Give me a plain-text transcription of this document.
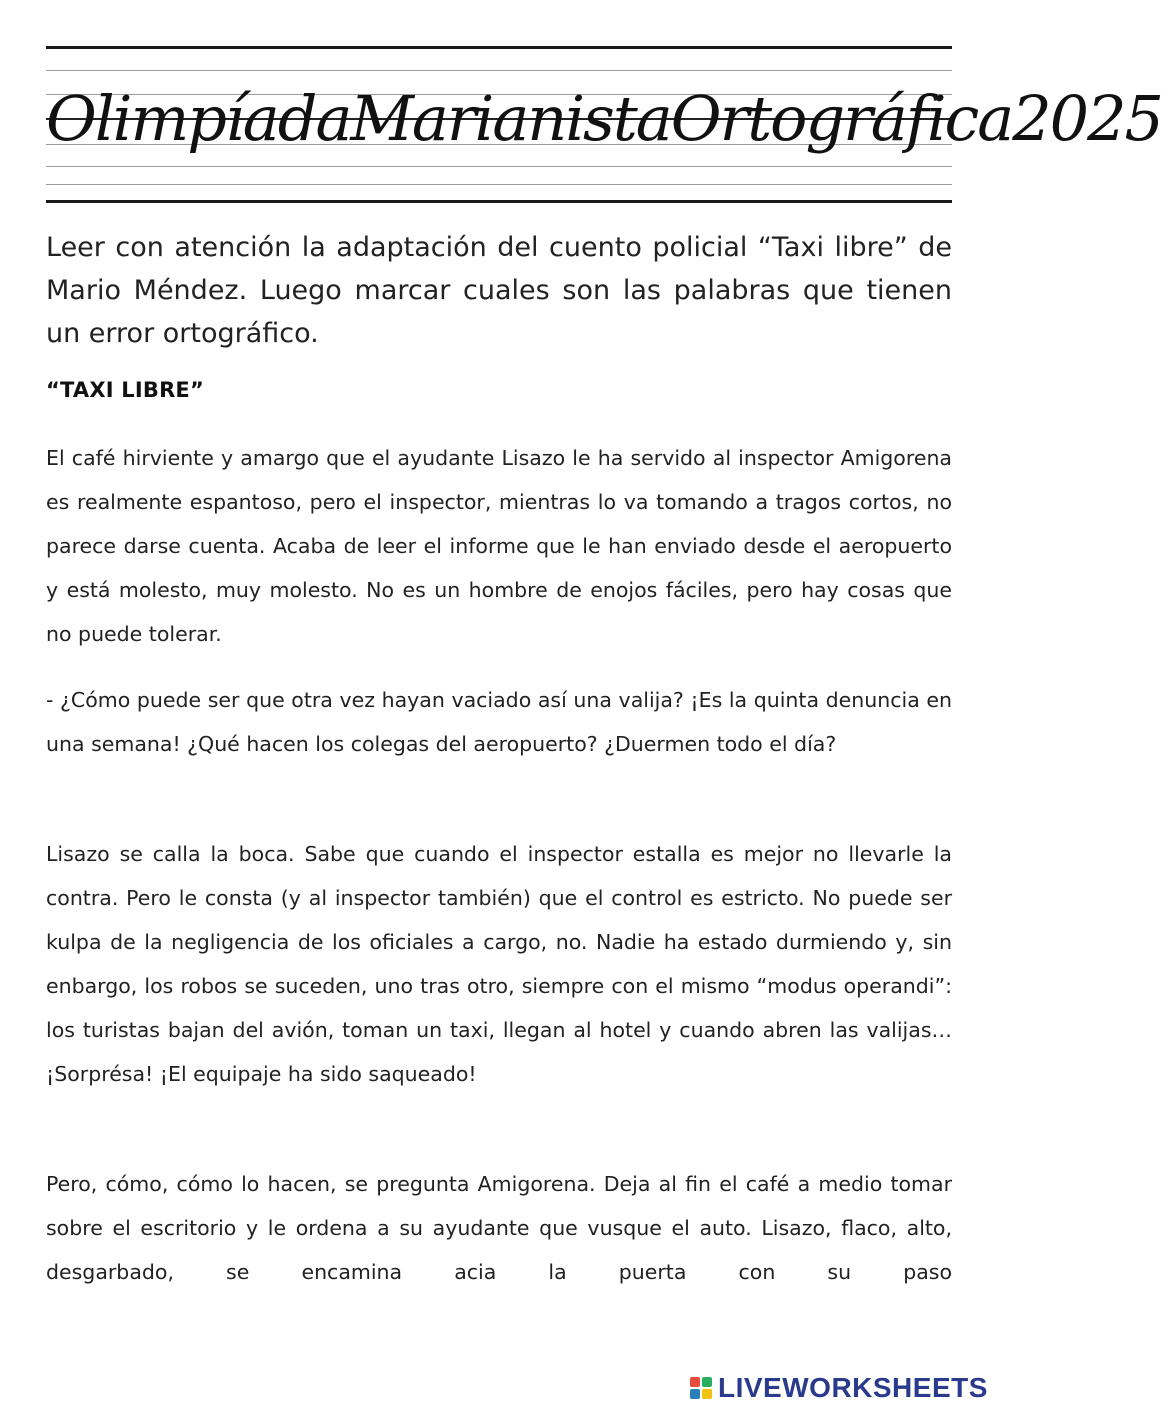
OlimpíadaMarianistaOrtográfica2025

Leer con atención la adaptación del cuento policial “Taxi libre” de Mario Méndez. Luego marcar cuales son las palabras que tienen un error ortográfico.

“TAXI LIBRE”

El café hirviente y amargo que el ayudante Lisazo le ha servido al inspector Amigorena es realmente espantoso, pero el inspector, mientras lo va tomando a tragos cortos, no parece darse cuenta. Acaba de leer el informe que le han enviado desde el aeropuerto y está molesto, muy molesto. No es un hombre de enojos fáciles, pero hay cosas que no puede tolerar.

- ¿Cómo puede ser que otra vez hayan vaciado así una valija? ¡Es la quinta denuncia en una semana! ¿Qué hacen los colegas del aeropuerto? ¿Duermen todo el día?

Lisazo se calla la boca. Sabe que cuando el inspector estalla es mejor no llevarle la contra. Pero le consta (y al inspector también) que el control es estricto. No puede ser kulpa de la negligencia de los oficiales a cargo, no. Nadie ha estado durmiendo y, sin enbargo, los robos se suceden, uno tras otro, siempre con el mismo “modus operandi”: los turistas bajan del avión, toman un taxi, llegan al hotel y cuando abren las valijas… ¡Sorprésa! ¡El equipaje ha sido saqueado!

Pero, cómo, cómo lo hacen, se pregunta Amigorena. Deja al fin el café a medio tomar sobre el escritorio y le ordena a su ayudante que vusque el auto. Lisazo, flaco, alto, desgarbado, se encamina acia la puerta con su paso

LIVEWORKSHEETS
